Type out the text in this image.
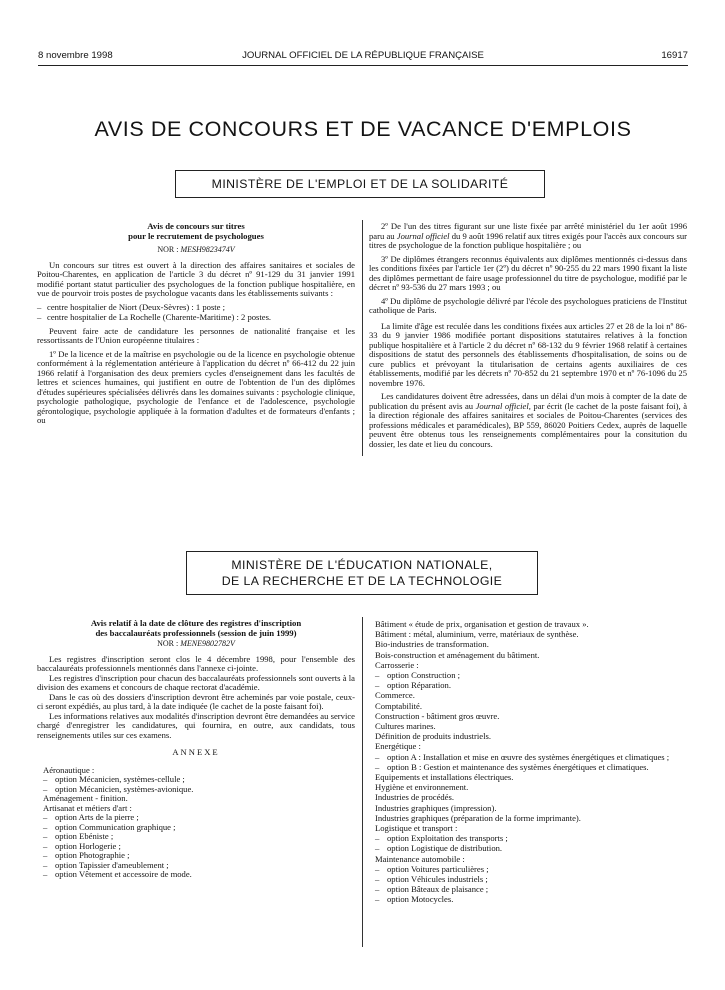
8 novembre 1998	JOURNAL OFFICIEL DE LA RÉPUBLIQUE FRANÇAISE	16917
AVIS DE CONCOURS ET DE VACANCE D'EMPLOIS
MINISTÈRE DE L'EMPLOI ET DE LA SOLIDARITÉ

Avis de concours sur titres

pour le recrutement de psychologues

NOR : MESH9823474V

Un concours sur titres est ouvert à la direction des affaires sanitaires et sociales de Poitou-Charentes, en application de l'article 3 du décret nº 91-129 du 31 janvier 1991 modifié portant statut particulier des psychologues de la fonction publique hospitalière, en vue de pourvoir trois postes de psychologue vacants dans les établissements suivants :

– centre hospitalier de Niort (Deux-Sèvres) : 1 poste ;

– centre hospitalier de La Rochelle (Charente-Maritime) : 2 postes.

Peuvent faire acte de candidature les personnes de nationalité française et les ressortissants de l'Union européenne titulaires :

1º De la licence et de la maîtrise en psychologie ou de la licence en psychologie obtenue conformément à la réglementation antérieure à l'application du décret nº 66-412 du 22 juin 1966 relatif à l'organisation des deux premiers cycles d'enseignement dans les facultés de lettres et sciences humaines, qui justifient en outre de l'obtention de l'un des diplômes d'études supérieures spécialisées délivrés dans les domaines suivants : psychologie clinique, psychologie pathologique, psychologie de l'enfance et de l'adolescence, psychologie gérontologique, psychologie appliquée à la formation d'adultes et de formateurs d'enfants ; ou

2º De l'un des titres figurant sur une liste fixée par arrêté ministériel du 1er août 1996 paru au Journal officiel du 9 août 1996 relatif aux titres exigés pour l'accès aux concours sur titres de psychologue de la fonction publique hospitalière ; ou

3º De diplômes étrangers reconnus équivalents aux diplômes mentionnés ci-dessus dans les conditions fixées par l'article 1er (2º) du décret nº 90-255 du 22 mars 1990 fixant la liste des diplômes permettant de faire usage professionnel du titre de psychologue, modifié par le décret nº 93-536 du 27 mars 1993 ; ou

4º Du diplôme de psychologie délivré par l'école des psychologues praticiens de l'Institut catholique de Paris.

La limite d'âge est reculée dans les conditions fixées aux articles 27 et 28 de la loi nº 86-33 du 9 janvier 1986 modifiée portant dispositions statutaires relatives à la fonction publique hospitalière et à l'article 2 du décret nº 68-132 du 9 février 1968 relatif à certaines dispositions de statut des personnels des établissements d'hospitalisation, de soins ou de cure publics et prévoyant la titularisation de certains agents auxiliaires de ces établissements, modifié par les décrets nº 70-852 du 21 septembre 1970 et nº 76-1096 du 25 novembre 1976.

Les candidatures doivent être adressées, dans un délai d'un mois à compter de la date de publication du présent avis au Journal officiel, par écrit (le cachet de la poste faisant foi), à la direction régionale des affaires sanitaires et sociales de Poitou-Charentes (services des professions médicales et paramédicales), BP 559, 86020 Poitiers Cedex, auprès de laquelle peuvent être obtenus tous les renseignements complémentaires pour la consitution du dossier, les date et lieu du concours.

MINISTÈRE DE L'ÉDUCATION NATIONALE,
DE LA RECHERCHE ET DE LA TECHNOLOGIE

Avis relatif à la date de clôture des registres d'inscription

des baccalauréats professionnels (session de juin 1999)

NOR : MENE9802782V

Les registres d'inscription seront clos le 4 décembre 1998, pour l'ensemble des baccalauréats professionnels mentionnés dans l'annexe ci-jointe.

Les registres d'inscription pour chacun des baccalauréats professionnels sont ouverts à la division des examens et concours de chaque rectorat d'académie.

Dans le cas où des dossiers d'inscription devront être acheminés par voie postale, ceux-ci seront expédiés, au plus tard, à la date indiquée (le cachet de la poste faisant foi).

Les informations relatives aux modalités d'inscription devront être demandées au service chargé d'enregistrer les candidatures, qui fournira, en outre, aux candidats, tous renseignements utiles sur ces examens.

ANNEXE

Aéronautique :

– option Mécanicien, systèmes-cellule ;

– option Mécanicien, systèmes-avionique.

Aménagement - finition.

Artisanat et métiers d'art :

– option Arts de la pierre ;

– option Communication graphique ;

– option Ebéniste ;

– option Horlogerie ;

– option Photographie ;

– option Tapissier d'ameublement ;

– option Vêtement et accessoire de mode.

Bâtiment « étude de prix, organisation et gestion de travaux ».

Bâtiment : métal, aluminium, verre, matériaux de synthèse.

Bio-industries de transformation.

Bois-construction et aménagement du bâtiment.

Carrosserie :

– option Construction ;

– option Réparation.

Commerce.

Comptabilité.

Construction - bâtiment gros œuvre.

Cultures marines.

Définition de produits industriels.

Energétique :

– option A : Installation et mise en œuvre des systèmes énergétiques et climatiques ;

– option B : Gestion et maintenance des systèmes énergétiques et climatiques.

Equipements et installations électriques.

Hygiène et environnement.

Industries de procédés.

Industries graphiques (impression).

Industries graphiques (préparation de la forme imprimante).

Logistique et transport :

– option Exploitation des transports ;

– option Logistique de distribution.

Maintenance automobile :

– option Voitures particulières ;

– option Véhicules industriels ;

– option Bâteaux de plaisance ;

– option Motocycles.
